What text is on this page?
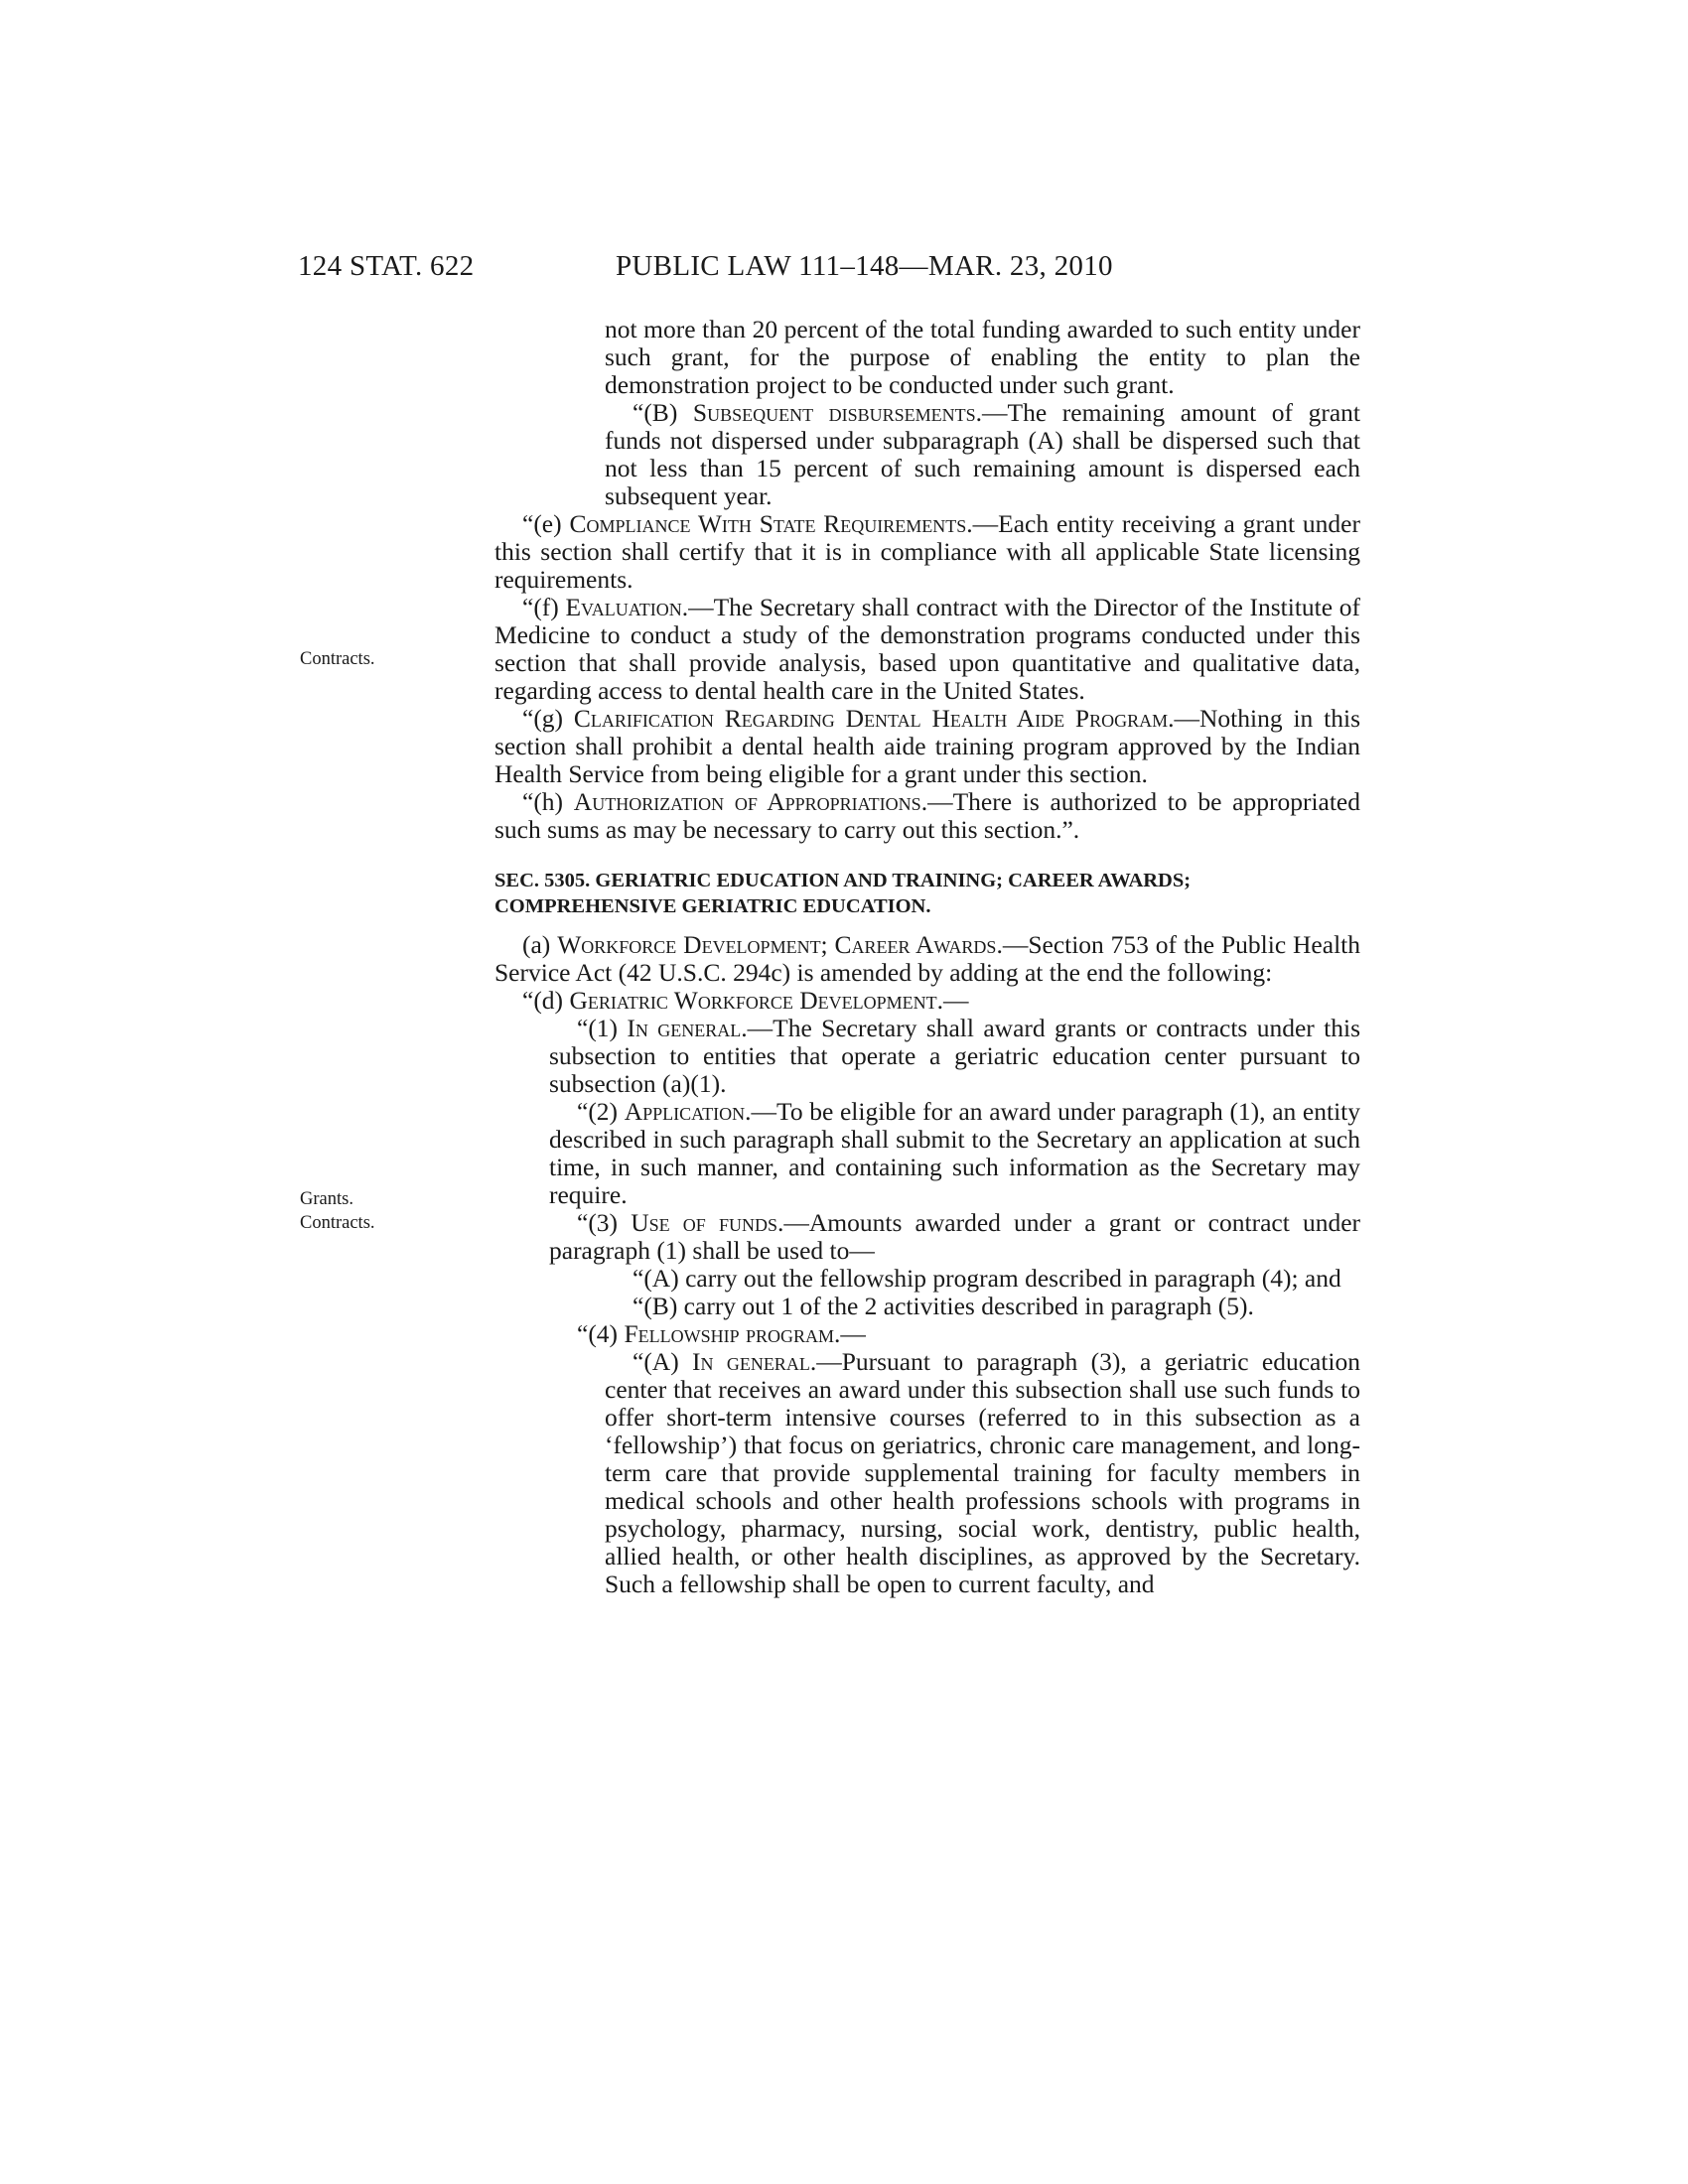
124 STAT. 622	PUBLIC LAW 111–148—MAR. 23, 2010
Contracts.
Grants.
Contracts.

not more than 20 percent of the total funding awarded to such entity under such grant, for the purpose of enabling the entity to plan the demonstration project to be conducted under such grant.

“(B) Subsequent disbursements.—The remaining amount of grant funds not dispersed under subparagraph (A) shall be dispersed such that not less than 15 percent of such remaining amount is dispersed each subsequent year.

“(e) Compliance With State Requirements.—Each entity receiving a grant under this section shall certify that it is in compliance with all applicable State licensing requirements.

“(f) Evaluation.—The Secretary shall contract with the Director of the Institute of Medicine to conduct a study of the demonstration programs conducted under this section that shall provide analysis, based upon quantitative and qualitative data, regarding access to dental health care in the United States.

“(g) Clarification Regarding Dental Health Aide Program.—Nothing in this section shall prohibit a dental health aide training program approved by the Indian Health Service from being eligible for a grant under this section.

“(h) Authorization of Appropriations.—There is authorized to be appropriated such sums as may be necessary to carry out this section.”.

SEC. 5305. GERIATRIC EDUCATION AND TRAINING; CAREER AWARDS;
COMPREHENSIVE GERIATRIC EDUCATION.

(a) Workforce Development; Career Awards.—Section 753 of the Public Health Service Act (42 U.S.C. 294c) is amended by adding at the end the following:

“(d) Geriatric Workforce Development.—

“(1) In general.—The Secretary shall award grants or contracts under this subsection to entities that operate a geriatric education center pursuant to subsection (a)(1).

“(2) Application.—To be eligible for an award under paragraph (1), an entity described in such paragraph shall submit to the Secretary an application at such time, in such manner, and containing such information as the Secretary may require.

“(3) Use of funds.—Amounts awarded under a grant or contract under paragraph (1) shall be used to—

“(A) carry out the fellowship program described in paragraph (4); and

“(B) carry out 1 of the 2 activities described in paragraph (5).

“(4) Fellowship program.—

“(A) In general.—Pursuant to paragraph (3), a geriatric education center that receives an award under this subsection shall use such funds to offer short-term intensive courses (referred to in this subsection as a ‘fellowship’) that focus on geriatrics, chronic care management, and long-term care that provide supplemental training for faculty members in medical schools and other health professions schools with programs in psychology, pharmacy, nursing, social work, dentistry, public health, allied health, or other health disciplines, as approved by the Secretary. Such a fellowship shall be open to current faculty, and
